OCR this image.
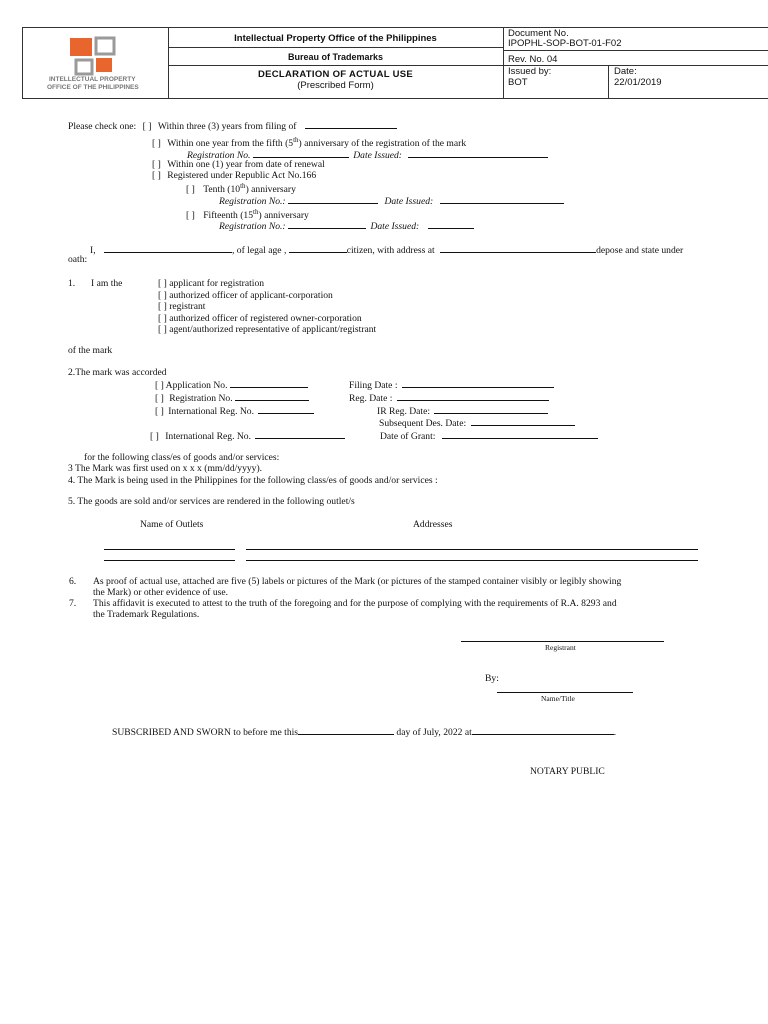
INTELLECTUAL PROPERTY
OFFICE OF THE PHILIPPINES
Intellectual Property Office of the Philippines
Bureau of Trademarks
DECLARATION OF ACTUAL USE
(Prescribed Form)
Document No.
IPOPHL-SOP-BOT-01-F02
Rev. No. 04
Issued by:
BOT
Date:
22/01/2019
Please check one: [ ] Within three (3) years from filing of
[ ] Within one year from the fifth (5th) anniversary of the registration of the mark
Registration No.	Date Issued:
[ ] Within one (1) year from date of renewal
[ ] Registered under Republic Act No.166
[ ] Tenth (10th) anniversary
Registration No.:	Date Issued:
[ ] Fifteenth (15th) anniversary
Registration No.:	Date Issued:
I,	, of legal age ,	citizen, with address at	depose and state under
oath:
1. I am the	[ ] applicant for registration
[ ] authorized officer of applicant-corporation
[ ] registrant
[ ] authorized officer of registered owner-corporation
[ ] agent/authorized representative of applicant/registrant
of the mark
2.The mark was accorded
[ ] Application No.	Filing Date :
[ ] Registration No.	Reg. Date :
[ ] International Reg. No.	IR Reg. Date:
Subsequent Des. Date:
[ ] International Reg. No.	Date of Grant:
for the following class/es of goods and/or services:
3 The Mark was first used on x x x (mm/dd/yyyy).
4. The Mark is being used in the Philippines for the following class/es of goods and/or services :
5. The goods are sold and/or services are rendered in the following outlet/s
Name of Outlets	Addresses
6. As proof of actual use, attached are five (5) labels or pictures of the Mark (or pictures of the stamped container visibly or legibly showing
the Mark) or other evidence of use.
7. This affidavit is executed to attest to the truth of the foregoing and for the purpose of complying with the requirements of R.A. 8293 and
the Trademark Regulations.
Registrant
By:
Name/Title
SUBSCRIBED AND SWORN to before me this	day of July, 2022 at	.
NOTARY PUBLIC
